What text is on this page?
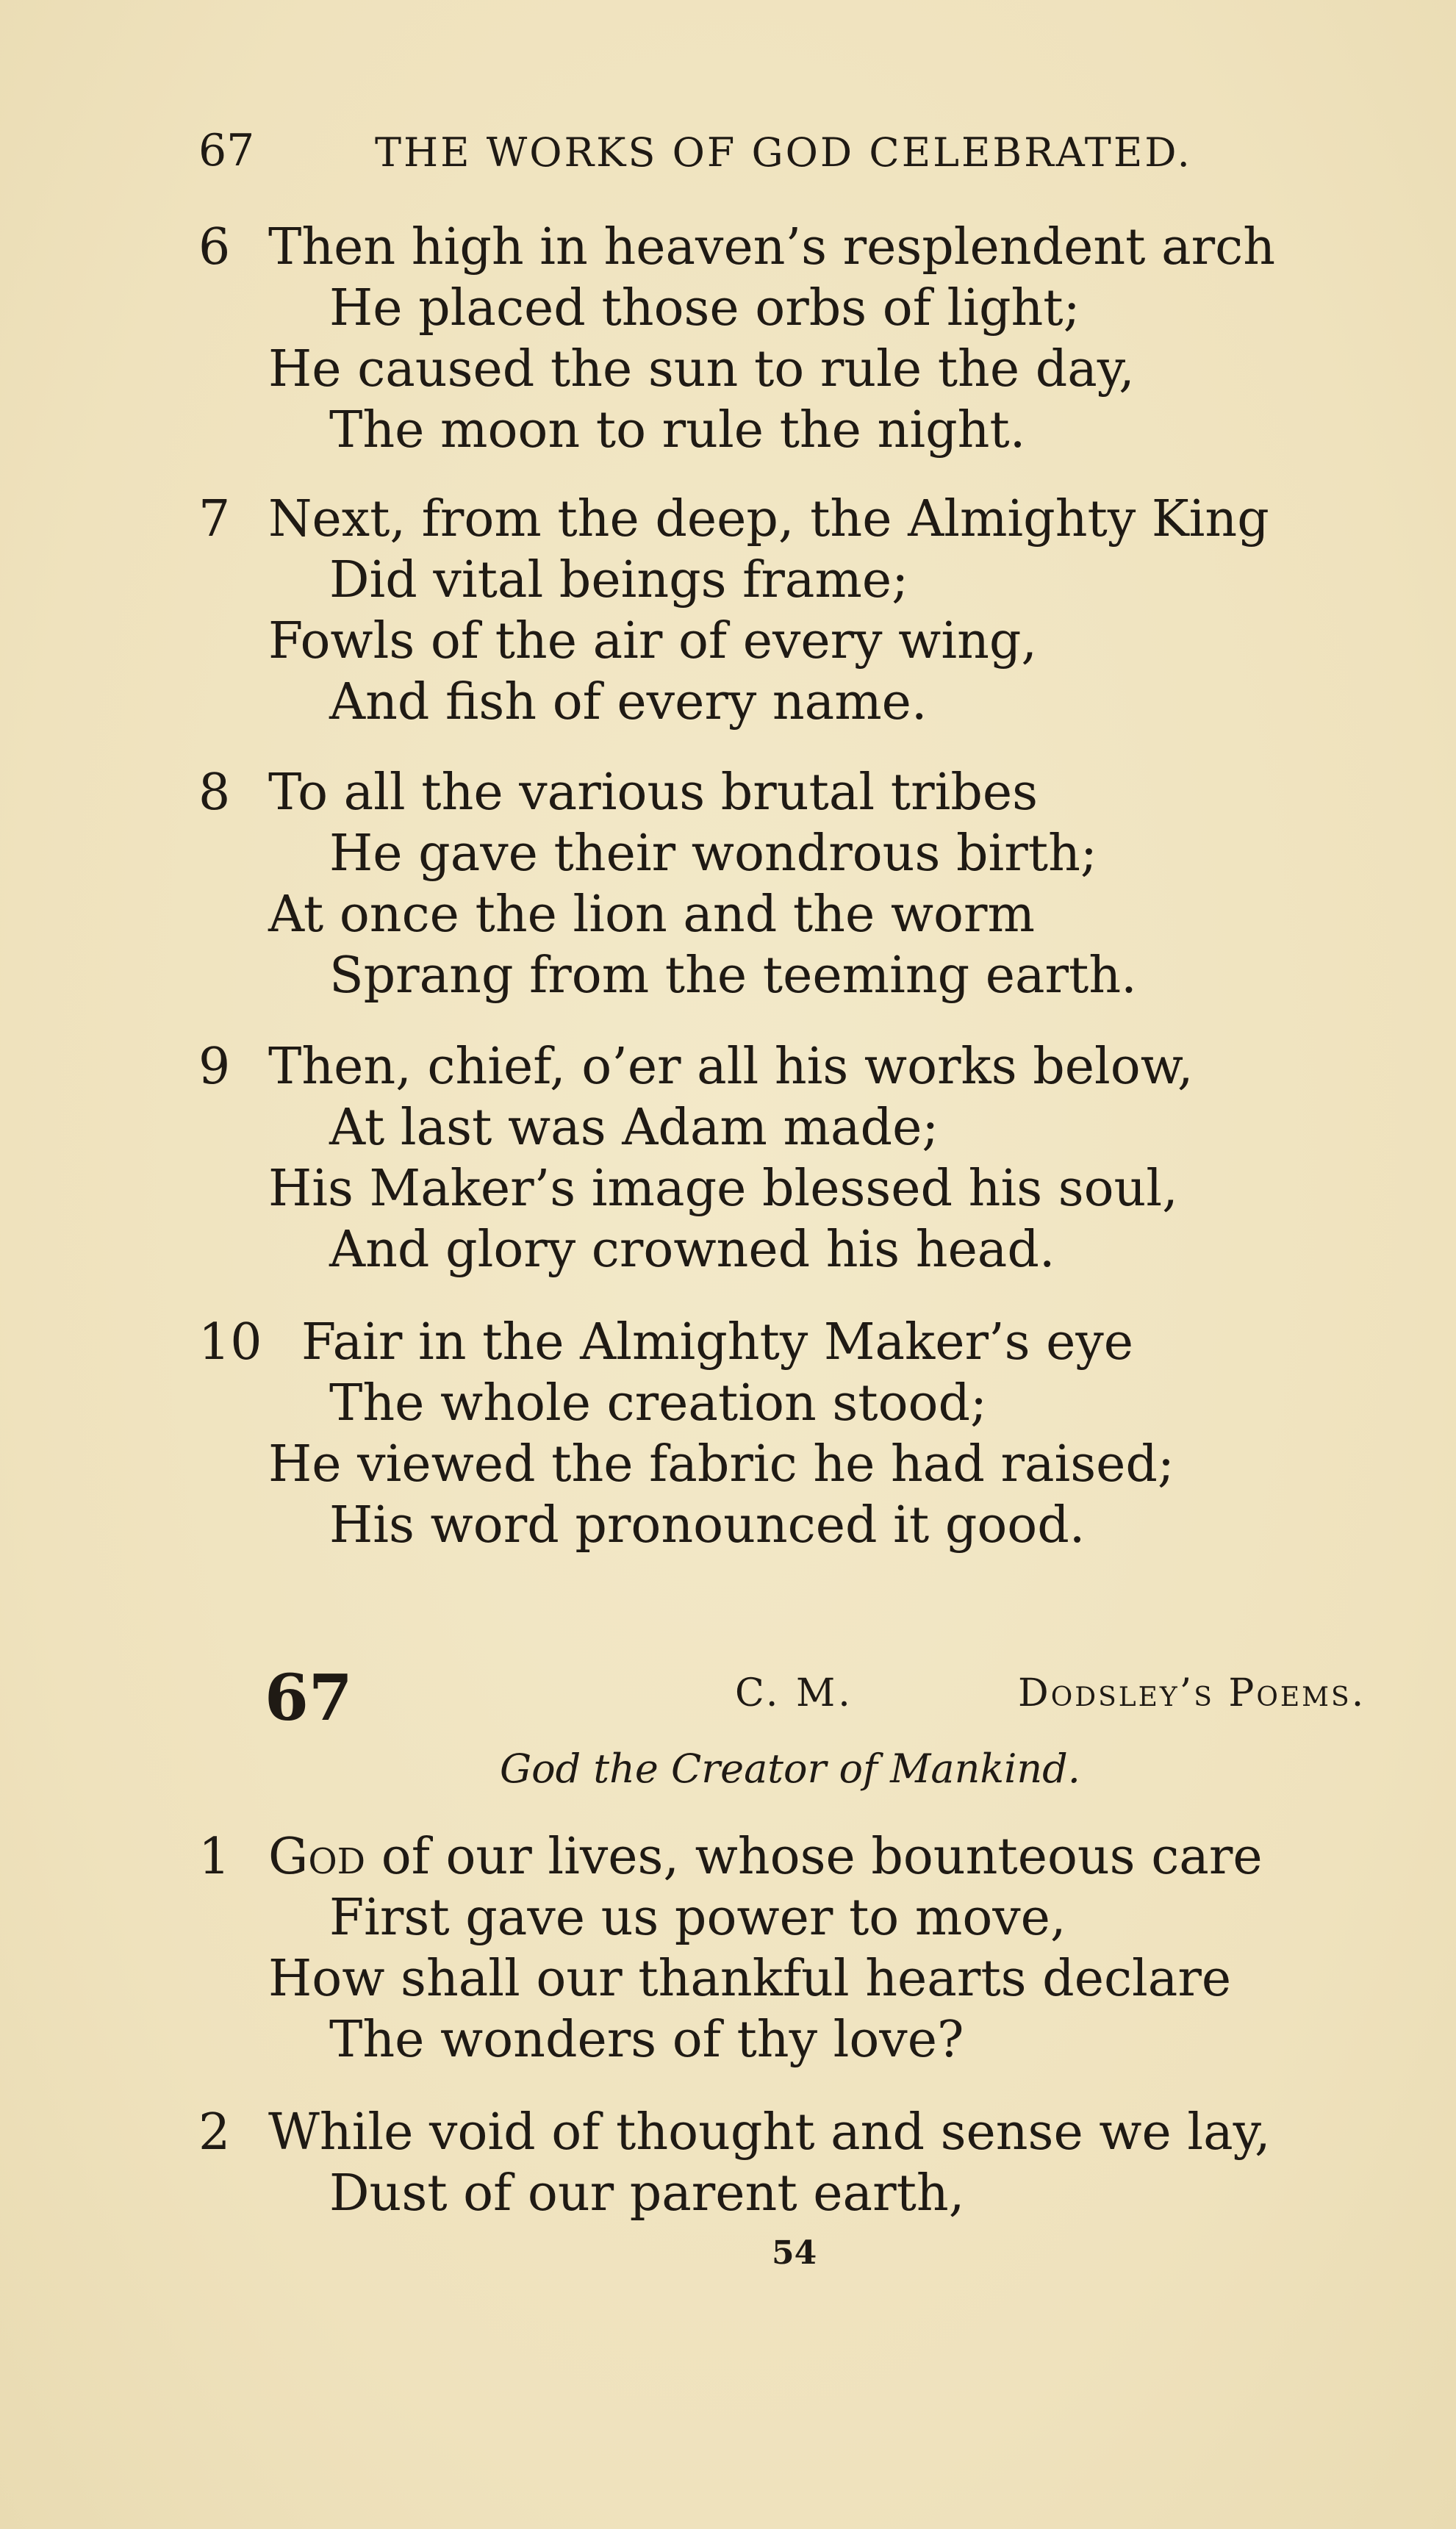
67	THE WORKS OF GOD CELEBRATED.
6 Then high in heaven’s resplendent arch
He placed those orbs of light;
He caused the sun to rule the day,
The moon to rule the night.
7 Next, from the deep, the Almighty King
Did vital beings frame;
Fowls of the air of every wing,
And fish of every name.
8 To all the various brutal tribes
He gave their wondrous birth;
At once the lion and the worm
Sprang from the teeming earth.
9 Then, chief, o’er all his works below,
At last was Adam made;
His Maker’s image blessed his soul,
And glory crowned his head.
10 Fair in the Almighty Maker’s eye
The whole creation stood;
He viewed the fabric he had raised;
His word pronounced it good.
67	C. M.	Dodsley’s Poems.
God the Creator of Mankind.
1 God of our lives, whose bounteous care
First gave us power to move,
How shall our thankful hearts declare
The wonders of thy love?
2 While void of thought and sense we lay,
Dust of our parent earth,
54
